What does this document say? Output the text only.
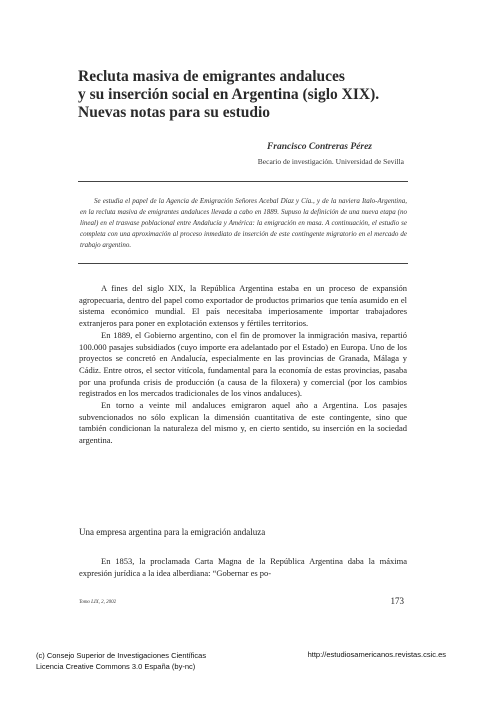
Recluta masiva de emigrantes andaluces
y su inserción social en Argentina (siglo XIX).
Nuevas notas para su estudio
Francisco Contreras Pérez
Becario de investigación. Universidad de Sevilla
Se estudia el papel de la Agencia de Emigración Señores Acebal Díaz y Cía., y de la naviera Italo-Argentina, en la recluta masiva de emigrantes andaluces llevada a cabo en 1889. Supuso la definición de una nueva etapa (no lineal) en el trasvase poblacional entre Andalucía y América: la emigración en masa. A continuación, el estudio se completa con una aproximación al proceso inmediato de inserción de este contingente migratorio en el mercado de trabajo argentino.

A fines del siglo XIX, la República Argentina estaba en un proceso de expansión agropecuaria, dentro del papel como exportador de productos primarios que tenía asumido en el sistema económico mundial. El país necesitaba imperiosamente importar trabajadores extranjeros para poner en explotación extensos y fértiles territorios.

En 1889, el Gobierno argentino, con el fin de promover la inmigración masiva, repartió 100.000 pasajes subsidiados (cuyo importe era adelantado por el Estado) en Europa. Uno de los proyectos se concretó en Andalucía, especialmente en las provincias de Granada, Málaga y Cádiz. Entre otros, el sector vitícola, fundamental para la economía de estas provincias, pasaba por una profunda crisis de producción (a causa de la filoxera) y comercial (por los cambios registrados en los mercados tradicionales de los vinos andaluces).

En torno a veinte mil andaluces emigraron aquel año a Argentina. Los pasajes subvencionados no sólo explican la dimensión cuantitativa de este contingente, sino que también condicionan la naturaleza del mismo y, en cierto sentido, su inserción en la sociedad argentina.

Una empresa argentina para la emigración andaluza

En 1853, la proclamada Carta Magna de la República Argentina daba la máxima expresión jurídica a la idea alberdiana: “Gobernar es po-

Tomo LIX, 2, 2002	173
(c) Consejo Superior de Investigaciones Científicas
Licencia Creative Commons 3.0 España (by-nc)
http://estudiosamericanos.revistas.csic.es
